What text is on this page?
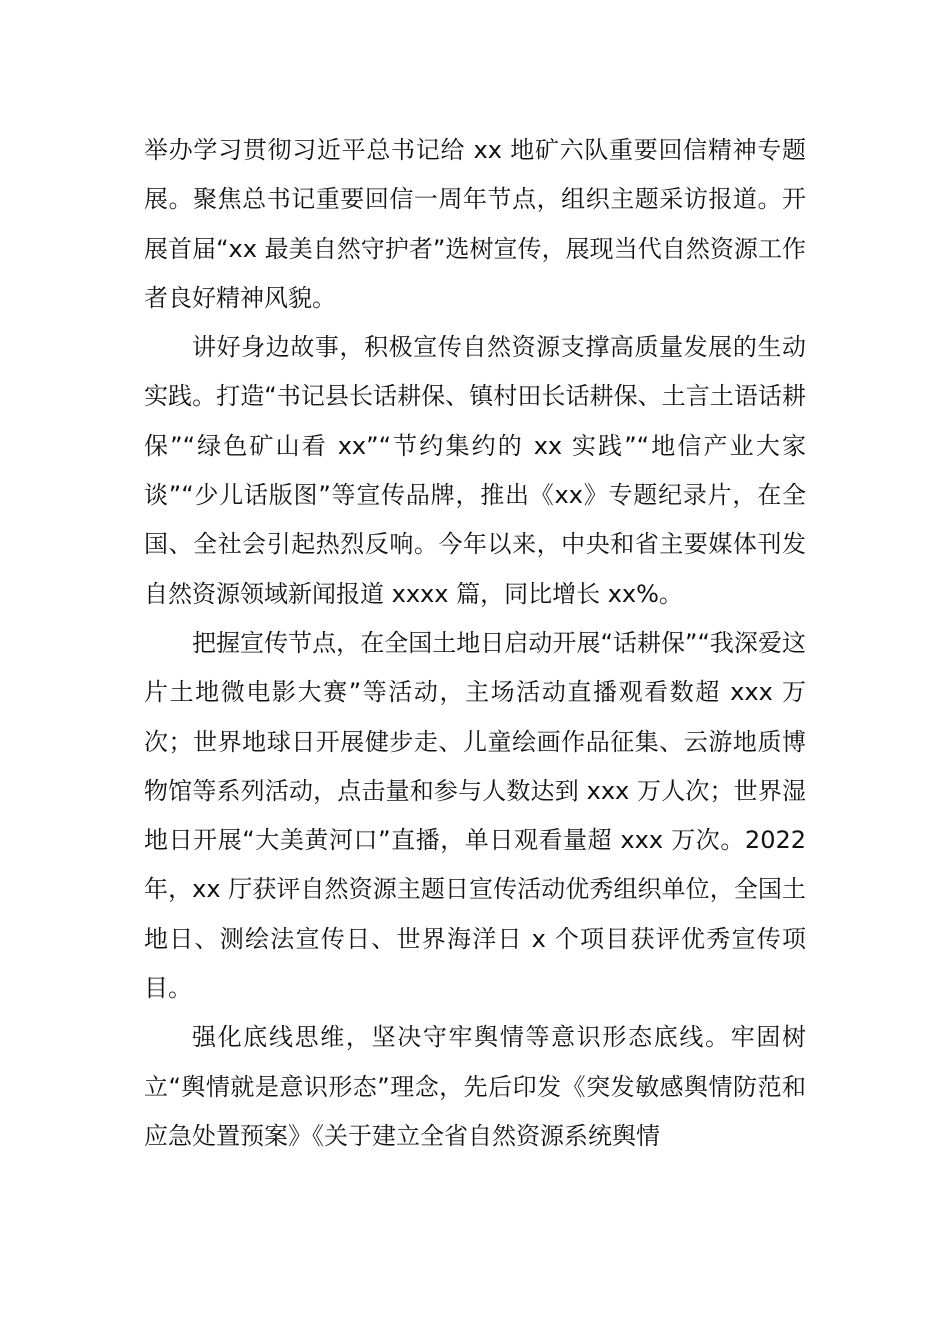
举办学习贯彻习近平总书记给 xx 地矿六队重要回信精神专题展。聚焦总书记重要回信一周年节点，组织主题采访报道。开展首届“xx 最美自然守护者”选树宣传，展现当代自然资源工作者良好精神风貌。

讲好身边故事，积极宣传自然资源支撑高质量发展的生动实践。打造“书记县长话耕保、镇村田长话耕保、土言土语话耕保”“绿色矿山看 xx”“节约集约的 xx 实践”“地信产业大家谈”“少儿话版图”等宣传品牌，推出《xx》专题纪录片，在全国、全社会引起热烈反响。今年以来，中央和省主要媒体刊发自然资源领域新闻报道 xxxx 篇，同比增长 xx%。

把握宣传节点，在全国土地日启动开展“话耕保”“我深爱这片土地微电影大赛”等活动，主场活动直播观看数超 xxx 万次；世界地球日开展健步走、儿童绘画作品征集、云游地质博物馆等系列活动，点击量和参与人数达到 xxx 万人次；世界湿地日开展“大美黄河口”直播，单日观看量超 xxx 万次。2022 年，xx 厅获评自然资源主题日宣传活动优秀组织单位，全国土地日、测绘法宣传日、世界海洋日 x 个项目获评优秀宣传项目。

强化底线思维，坚决守牢舆情等意识形态底线。牢固树立“舆情就是意识形态”理念，先后印发《突发敏感舆情防范和应急处置预案》《关于建立全省自然资源系统舆情
